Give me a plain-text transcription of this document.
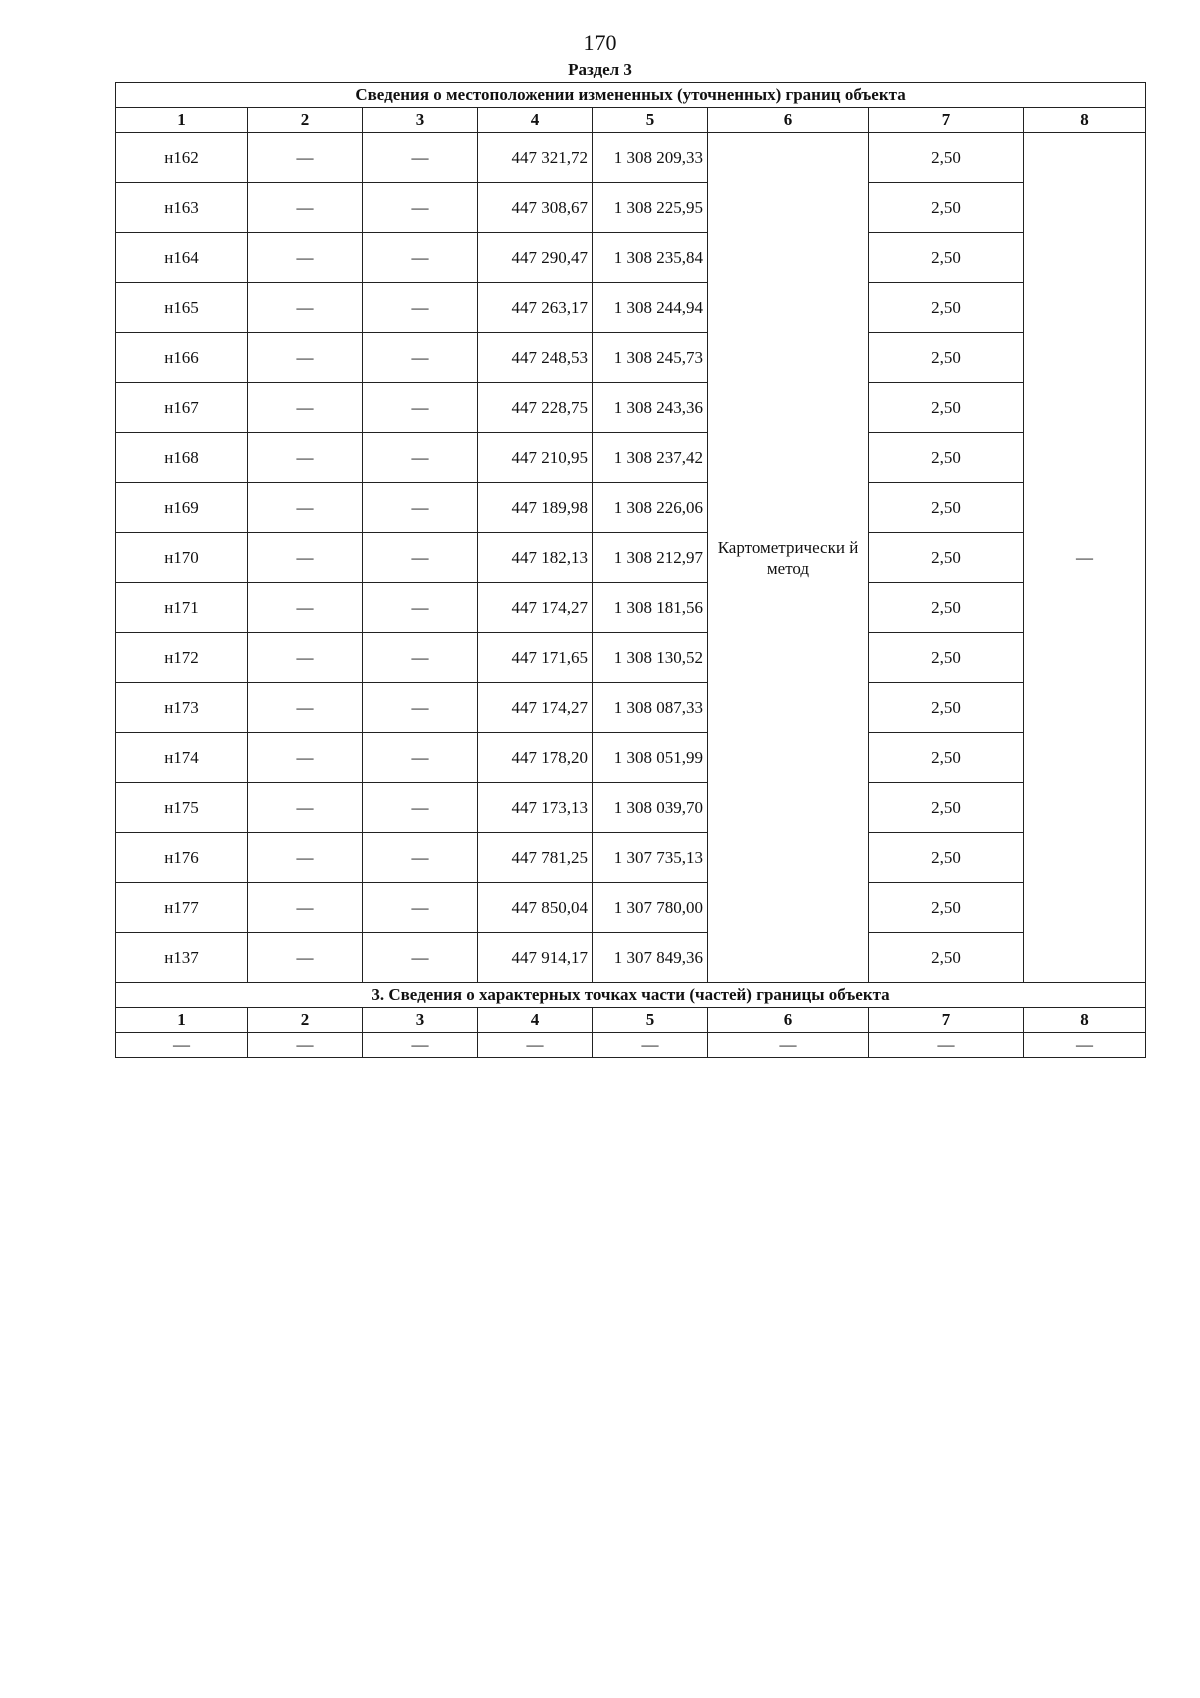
170
Раздел 3
Сведения о местоположении измененных (уточненных) границ объекта							
1	2	3	4	5	6	7	8
н162	—	—	447 321,72	1 308 209,33	Картометрически й метод	2,50	—
н163	—	—	447 308,67	1 308 225,95		2,50	
н164	—	—	447 290,47	1 308 235,84		2,50	
н165	—	—	447 263,17	1 308 244,94		2,50	
н166	—	—	447 248,53	1 308 245,73		2,50	
н167	—	—	447 228,75	1 308 243,36		2,50	
н168	—	—	447 210,95	1 308 237,42		2,50	
н169	—	—	447 189,98	1 308 226,06		2,50	
н170	—	—	447 182,13	1 308 212,97		2,50	
н171	—	—	447 174,27	1 308 181,56		2,50	
н172	—	—	447 171,65	1 308 130,52		2,50	
н173	—	—	447 174,27	1 308 087,33		2,50	
н174	—	—	447 178,20	1 308 051,99		2,50	
н175	—	—	447 173,13	1 308 039,70		2,50	
н176	—	—	447 781,25	1 307 735,13		2,50	
н177	—	—	447 850,04	1 307 780,00		2,50	
н137	—	—	447 914,17	1 307 849,36		2,50	
3. Сведения о характерных точках части (частей) границы объекта							
1	2	3	4	5	6	7	8
—	—	—	—	—	—	—	—
